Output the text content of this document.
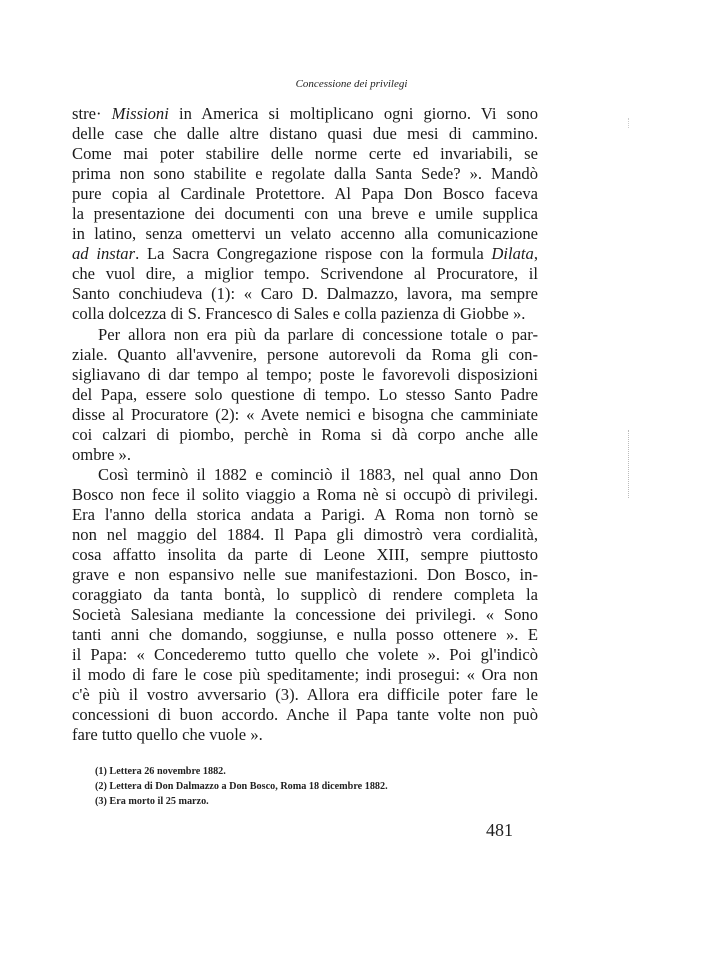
Concessione dei privilegi

stre· Missioni in America si moltiplicano ogni giorno. Vi sono
delle case che dalle altre distano quasi due mesi di cammino.
Come mai poter stabilire delle norme certe ed invariabili, se
prima non sono stabilite e regolate dalla Santa Sede? ». Mandò
pure copia al Cardinale Protettore. Al Papa Don Bosco faceva
la presentazione dei documenti con una breve e umile supplica
in latino, senza omettervi un velato accenno alla comunicazione
ad instar. La Sacra Congregazione rispose con la formula Dilata,
che vuol dire, a miglior tempo. Scrivendone al Procuratore, il
Santo conchiudeva (1): « Caro D. Dalmazzo, lavora, ma sempre
colla dolcezza di S. Francesco di Sales e colla pazienza di Giobbe ».

Per allora non era più da parlare di concessione totale o par-
ziale. Quanto all'avvenire, persone autorevoli da Roma gli con-
sigliavano di dar tempo al tempo; poste le favorevoli disposizioni
del Papa, essere solo questione di tempo. Lo stesso Santo Padre
disse al Procuratore (2): « Avete nemici e bisogna che camminiate
coi calzari di piombo, perchè in Roma si dà corpo anche alle
ombre ».

Così terminò il 1882 e cominciò il 1883, nel qual anno Don
Bosco non fece il solito viaggio a Roma nè si occupò di privilegi.
Era l'anno della storica andata a Parigi. A Roma non tornò se
non nel maggio del 1884. Il Papa gli dimostrò vera cordialità,
cosa affatto insolita da parte di Leone XIII, sempre piuttosto
grave e non espansivo nelle sue manifestazioni. Don Bosco, in-
coraggiato da tanta bontà, lo supplicò di rendere completa la
Società Salesiana mediante la concessione dei privilegi. « Sono
tanti anni che domando, soggiunse, e nulla posso ottenere ». E
il Papa: « Concederemo tutto quello che volete ». Poi gl'indicò
il modo di fare le cose più speditamente; indi prosegui: « Ora non
c'è più il vostro avversario (3). Allora era difficile poter fare le
concessioni di buon accordo. Anche il Papa tante volte non può
fare tutto quello che vuole ».

(1) Lettera 26 novembre 1882.
(2) Lettera di Don Dalmazzo a Don Bosco, Roma 18 dicembre 1882.
(3) Era morto il 25 marzo.
481
